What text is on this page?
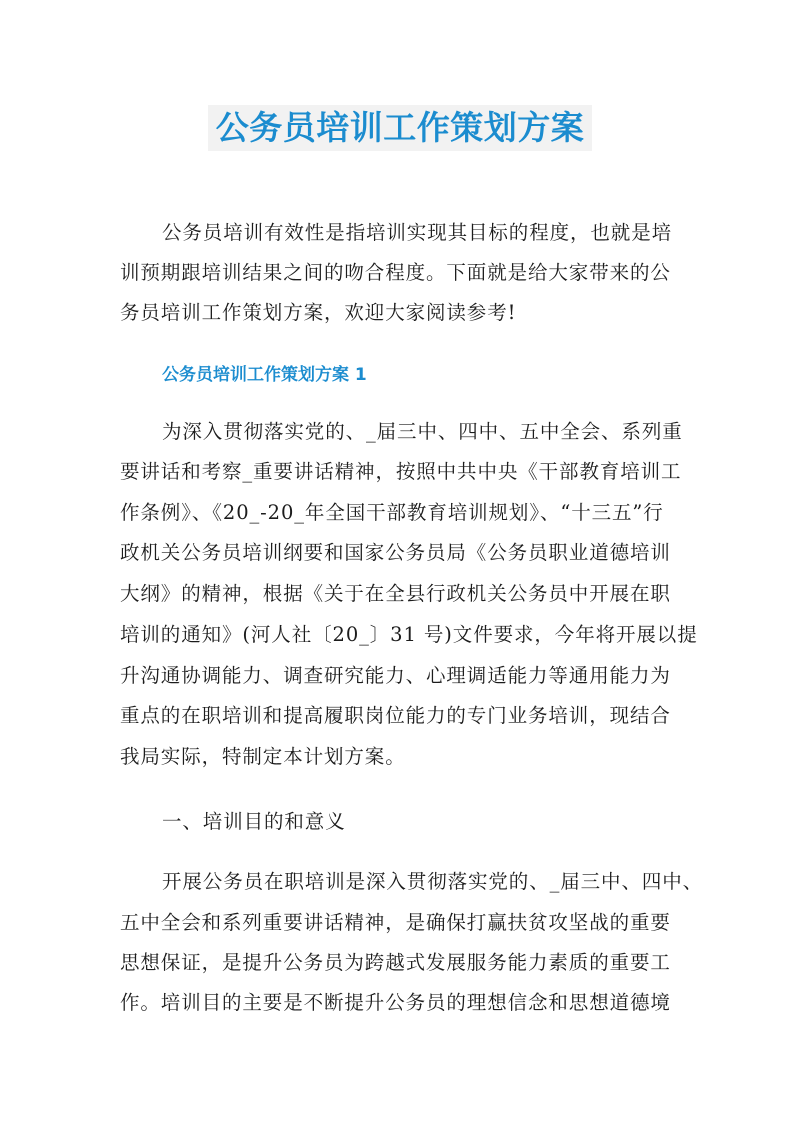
公务员培训工作策划方案
公务员培训有效性是指培训实现其目标的程度，也就是培
训预期跟培训结果之间的吻合程度。下面就是给大家带来的公
务员培训工作策划方案，欢迎大家阅读参考!
公务员培训工作策划方案 1
为深入贯彻落实党的、_届三中、四中、五中全会、系列重
要讲话和考察_重要讲话精神，按照中共中央《干部教育培训工
作条例》、《20_-20_年全国干部教育培训规划》、“十三五”行
政机关公务员培训纲要和国家公务员局《公务员职业道德培训
大纲》的精神，根据《关于在全县行政机关公务员中开展在职
培训的通知》(河人社〔20_〕31 号)文件要求，今年将开展以提
升沟通协调能力、调查研究能力、心理调适能力等通用能力为
重点的在职培训和提高履职岗位能力的专门业务培训，现结合
我局实际，特制定本计划方案。
一、培训目的和意义
开展公务员在职培训是深入贯彻落实党的、_届三中、四中、
五中全会和系列重要讲话精神，是确保打赢扶贫攻坚战的重要
思想保证，是提升公务员为跨越式发展服务能力素质的重要工
作。培训目的主要是不断提升公务员的理想信念和思想道德境
